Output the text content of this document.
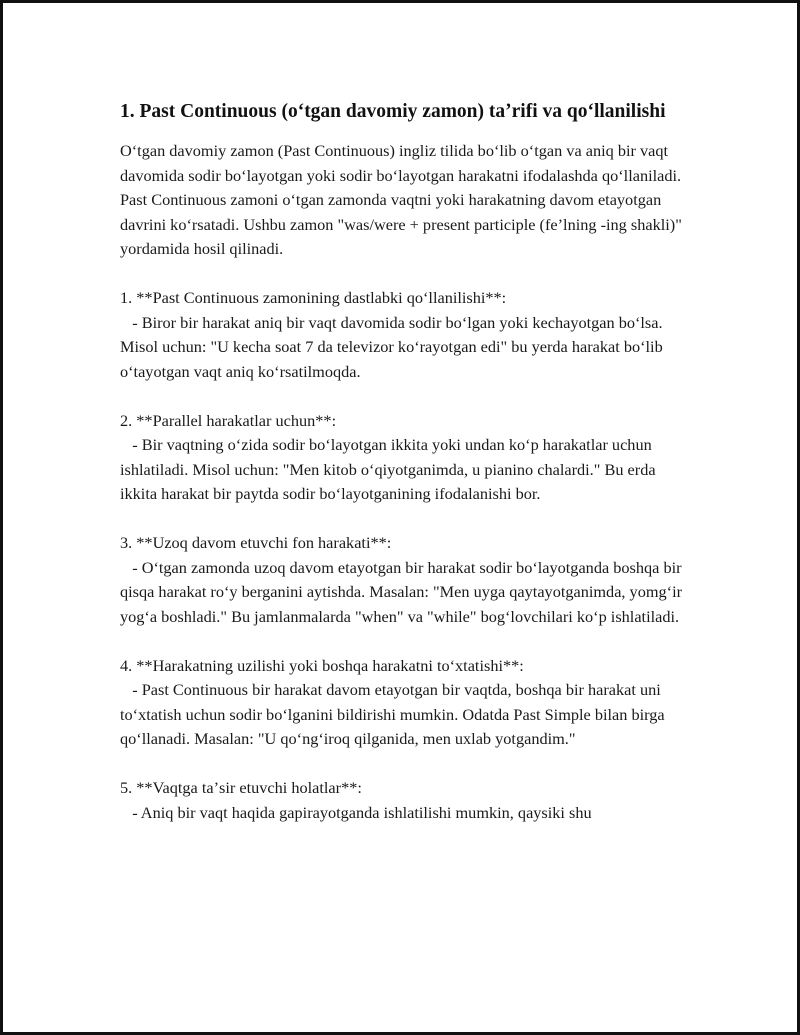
1. Past Continuous (oʻtgan davomiy zamon) taʼrifi va qoʻllanilishi

Oʻtgan davomiy zamon (Past Continuous) ingliz tilida boʻlib oʻtgan va aniq bir vaqt davomida sodir boʻlayotgan yoki sodir boʻlayotgan harakatni ifodalashda qoʻllaniladi. Past Continuous zamoni oʻtgan zamonda vaqtni yoki harakatning davom etayotgan davrini koʻrsatadi. Ushbu zamon "was/were + present participle (feʼlning -ing shakli)" yordamida hosil qilinadi.

1. **Past Continuous zamonining dastlabki qoʻllanilishi**:
- Biror bir harakat aniq bir vaqt davomida sodir boʻlgan yoki kechayotgan boʻlsa. Misol uchun: "U kecha soat 7 da televizor koʻrayotgan edi" bu yerda harakat boʻlib oʻtayotgan vaqt aniq koʻrsatilmoqda.

2. **Parallel harakatlar uchun**:
- Bir vaqtning oʻzida sodir boʻlayotgan ikkita yoki undan koʻp harakatlar uchun ishlatiladi. Misol uchun: "Men kitob oʻqiyotganimda, u pianino chalardi." Bu erda ikkita harakat bir paytda sodir boʻlayotganining ifodalanishi bor.

3. **Uzoq davom etuvchi fon harakati**:
- Oʻtgan zamonda uzoq davom etayotgan bir harakat sodir boʻlayotganda boshqa bir qisqa harakat roʻy berganini aytishda. Masalan: "Men uyga qaytayotganimda, yomgʻir yogʻa boshladi." Bu jamlanmalarda "when" va "while" bogʻlovchilari koʻp ishlatiladi.

4. **Harakatning uzilishi yoki boshqa harakatni toʻxtatishi**:
- Past Continuous bir harakat davom etayotgan bir vaqtda, boshqa bir harakat uni toʻxtatish uchun sodir boʻlganini bildirishi mumkin. Odatda Past Simple bilan birga qoʻllanadi. Masalan: "U qoʻngʻiroq qilganida, men uxlab yotgandim."

5. **Vaqtga taʼsir etuvchi holatlar**:
- Aniq bir vaqt haqida gapirayotganda ishlatilishi mumkin, qaysiki shu
